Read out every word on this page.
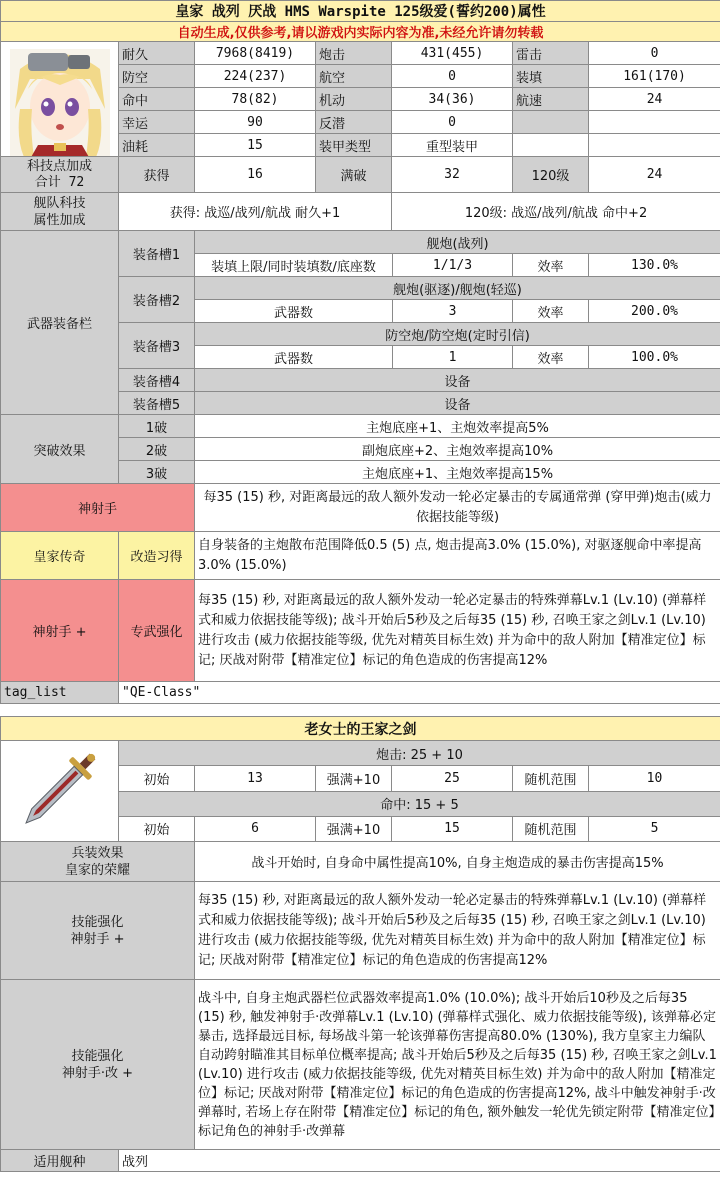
皇家 战列 厌战 HMS Warspite 125级爱(誓约200)属性						
自动生成,仅供参考,请以游戏内实际内容为准,未经允许请勿转载						

	耐久	7968(8419)	炮击	431(455)	雷击	0
	防空	224(237)	航空	0	装填	161(170)
	命中	78(82)	机动	34(36)	航速	24
	幸运	90	反潜	0		
	油耗	15	装甲类型	重型装甲		

科技点加成
合计 72	获得	16	满破	32	120级	24

舰队科技
属性加成	获得: 战巡/战列/航战 耐久+1			120级: 战巡/战列/航战 命中+2		
武器装备栏	装备槽1	舰炮(战列)			
		装填上限/同时装填数/底座数	1/1/3	效率	130.0%
	装备槽2	舰炮(驱逐)/舰炮(轻巡)			
		武器数	3	效率	200.0%
	装备槽3	防空炮/防空炮(定时引信)			
		武器数	1	效率	100.0%
	装备槽4	设备			
	装备槽5	设备			
突破效果	1破	主炮底座+1、主炮效率提高5%			
	2破	副炮底座+2、主炮效率提高10%			
	3破	主炮底座+1、主炮效率提高15%			
神射手		每35 (15) 秒, 对距离最远的敌人额外发动一轮必定暴击的专属通常弹 (穿甲弹)炮击(威力依据技能等级)			
皇家传奇	改造习得	自身装备的主炮散布范围降低0.5 (5) 点, 炮击提高3.0% (15.0%), 对驱逐舰命中率提高3.0% (15.0%)			
神射手 +	专武强化	每35 (15) 秒, 对距离最远的敌人额外发动一轮必定暴击的特殊弹幕Lv.1 (Lv.10) (弹幕样式和威力依据技能等级); 战斗开始后5秒及之后每35 (15) 秒, 召唤王家之剑Lv.1 (Lv.10) 进行攻击 (威力依据技能等级, 优先对精英目标生效) 并为命中的敌人附加【精准定位】标记; 厌战对附带【精准定位】标记的角色造成的伤害提高12%			
tag_list	"QE-Class"				
老女士的王家之剑						
	炮击: 25 + 10					
	初始	13	强满+10	25	随机范围	10
	命中: 15 + 5					
	初始	6	强满+10	15	随机范围	5

兵装效果
皇家的荣耀		战斗开始时, 自身命中属性提高10%, 自身主炮造成的暴击伤害提高15%				

技能强化
神射手 +		每35 (15) 秒, 对距离最远的敌人额外发动一轮必定暴击的特殊弹幕Lv.1 (Lv.10) (弹幕样式和威力依据技能等级); 战斗开始后5秒及之后每35 (15) 秒, 召唤王家之剑Lv.1 (Lv.10) 进行攻击 (威力依据技能等级, 优先对精英目标生效) 并为命中的敌人附加【精准定位】标记; 厌战对附带【精准定位】标记的角色造成的伤害提高12%				

技能强化
神射手·改 +		战斗中, 自身主炮武器栏位武器效率提高1.0% (10.0%); 战斗开始后10秒及之后每35 (15) 秒, 触发神射手·改弹幕Lv.1 (Lv.10) (弹幕样式强化、威力依据技能等级), 该弹幕必定暴击, 选择最远目标, 每场战斗第一轮该弹幕伤害提高80.0% (130%), 我方皇家主力编队自动跨射瞄准其目标单位概率提高; 战斗开始后5秒及之后每35 (15) 秒, 召唤王家之剑Lv.1 (Lv.10) 进行攻击 (威力依据技能等级, 优先对精英目标生效) 并为命中的敌人附加【精准定位】标记; 厌战对附带【精准定位】标记的角色造成的伤害提高12%, 战斗中触发神射手·改弹幕时, 若场上存在附带【精准定位】标记的角色, 额外触发一轮优先锁定附带【精准定位】标记角色的神射手·改弹幕				
适用舰种	战列					
